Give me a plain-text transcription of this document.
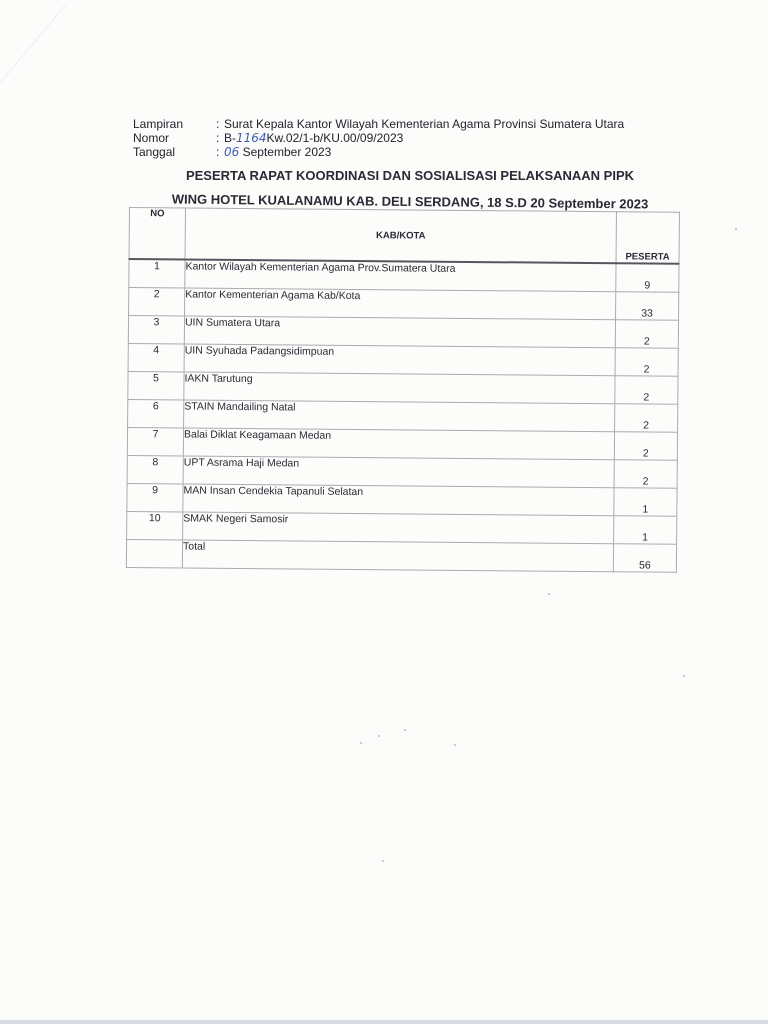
Lampiran	: Surat Kepala Kantor Wilayah Kementerian Agama Provinsi Sumatera Utara
Nomor	: B- 1164 Kw.02/1-b/KU.00/09/2023
Tanggal	: 06
September 2023
PESERTA RAPAT KOORDINASI DAN SOSIALISASI PELAKSANAAN PIPK
WING HOTEL KUALANAMU KAB. DELI SERDANG, 18 S.D 20 September 2023
NO	KAB/KOTA	PESERTA
1	Kantor Wilayah Kementerian Agama Prov.Sumatera Utara	9
2	Kantor Kementerian Agama Kab/Kota	33
3	UIN Sumatera Utara	2
4	UIN Syuhada Padangsidimpuan	2
5	IAKN Tarutung	2
6	STAIN Mandailing Natal	2
7	Balai Diklat Keagamaan Medan	2
8	UPT Asrama Haji Medan	2
9	MAN Insan Cendekia Tapanuli Selatan	1
10	SMAK Negeri Samosir	1
	Total	56
